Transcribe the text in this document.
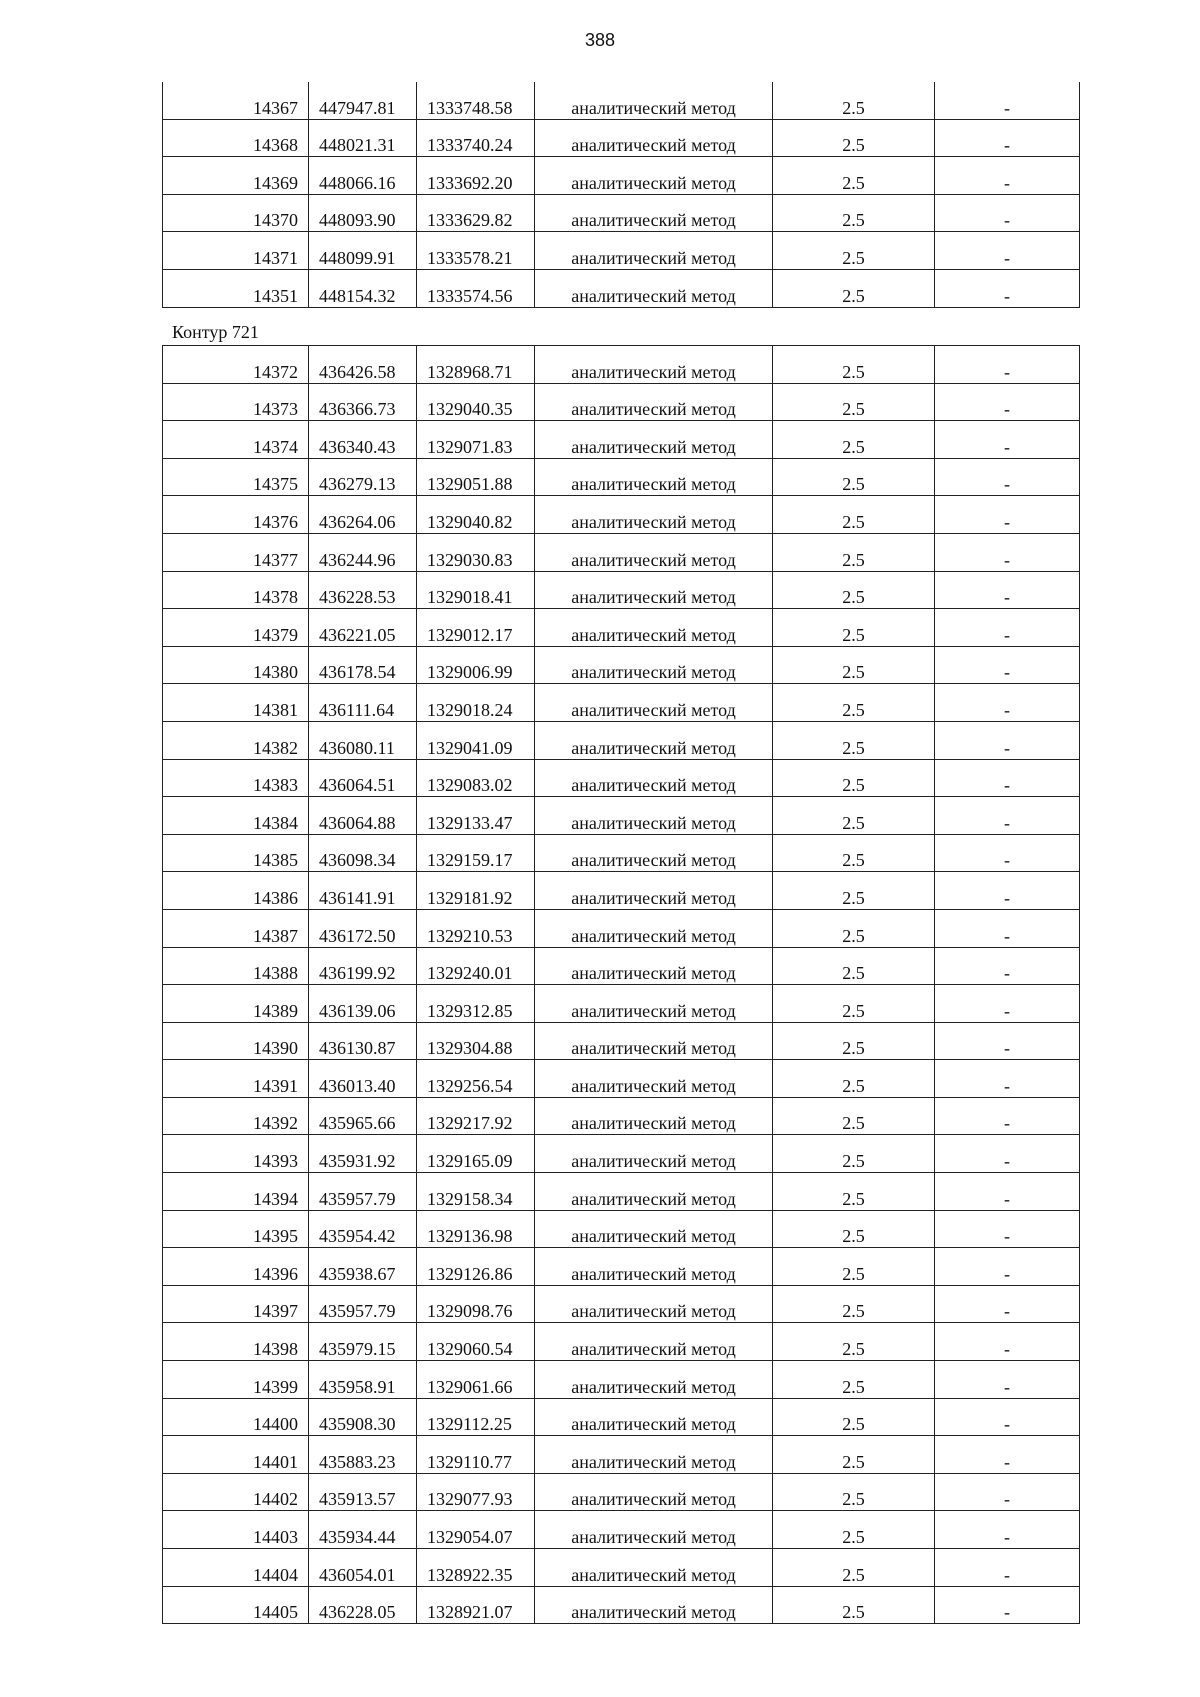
388
14367	447947.81	1333748.58	аналитический метод	2.5	-
14368	448021.31	1333740.24	аналитический метод	2.5	-
14369	448066.16	1333692.20	аналитический метод	2.5	-
14370	448093.90	1333629.82	аналитический метод	2.5	-
14371	448099.91	1333578.21	аналитический метод	2.5	-
14351	448154.32	1333574.56	аналитический метод	2.5	-
Контур 721
14372	436426.58	1328968.71	аналитический метод	2.5	-
14373	436366.73	1329040.35	аналитический метод	2.5	-
14374	436340.43	1329071.83	аналитический метод	2.5	-
14375	436279.13	1329051.88	аналитический метод	2.5	-
14376	436264.06	1329040.82	аналитический метод	2.5	-
14377	436244.96	1329030.83	аналитический метод	2.5	-
14378	436228.53	1329018.41	аналитический метод	2.5	-
14379	436221.05	1329012.17	аналитический метод	2.5	-
14380	436178.54	1329006.99	аналитический метод	2.5	-
14381	436111.64	1329018.24	аналитический метод	2.5	-
14382	436080.11	1329041.09	аналитический метод	2.5	-
14383	436064.51	1329083.02	аналитический метод	2.5	-
14384	436064.88	1329133.47	аналитический метод	2.5	-
14385	436098.34	1329159.17	аналитический метод	2.5	-
14386	436141.91	1329181.92	аналитический метод	2.5	-
14387	436172.50	1329210.53	аналитический метод	2.5	-
14388	436199.92	1329240.01	аналитический метод	2.5	-
14389	436139.06	1329312.85	аналитический метод	2.5	-
14390	436130.87	1329304.88	аналитический метод	2.5	-
14391	436013.40	1329256.54	аналитический метод	2.5	-
14392	435965.66	1329217.92	аналитический метод	2.5	-
14393	435931.92	1329165.09	аналитический метод	2.5	-
14394	435957.79	1329158.34	аналитический метод	2.5	-
14395	435954.42	1329136.98	аналитический метод	2.5	-
14396	435938.67	1329126.86	аналитический метод	2.5	-
14397	435957.79	1329098.76	аналитический метод	2.5	-
14398	435979.15	1329060.54	аналитический метод	2.5	-
14399	435958.91	1329061.66	аналитический метод	2.5	-
14400	435908.30	1329112.25	аналитический метод	2.5	-
14401	435883.23	1329110.77	аналитический метод	2.5	-
14402	435913.57	1329077.93	аналитический метод	2.5	-
14403	435934.44	1329054.07	аналитический метод	2.5	-
14404	436054.01	1328922.35	аналитический метод	2.5	-
14405	436228.05	1328921.07	аналитический метод	2.5	-
